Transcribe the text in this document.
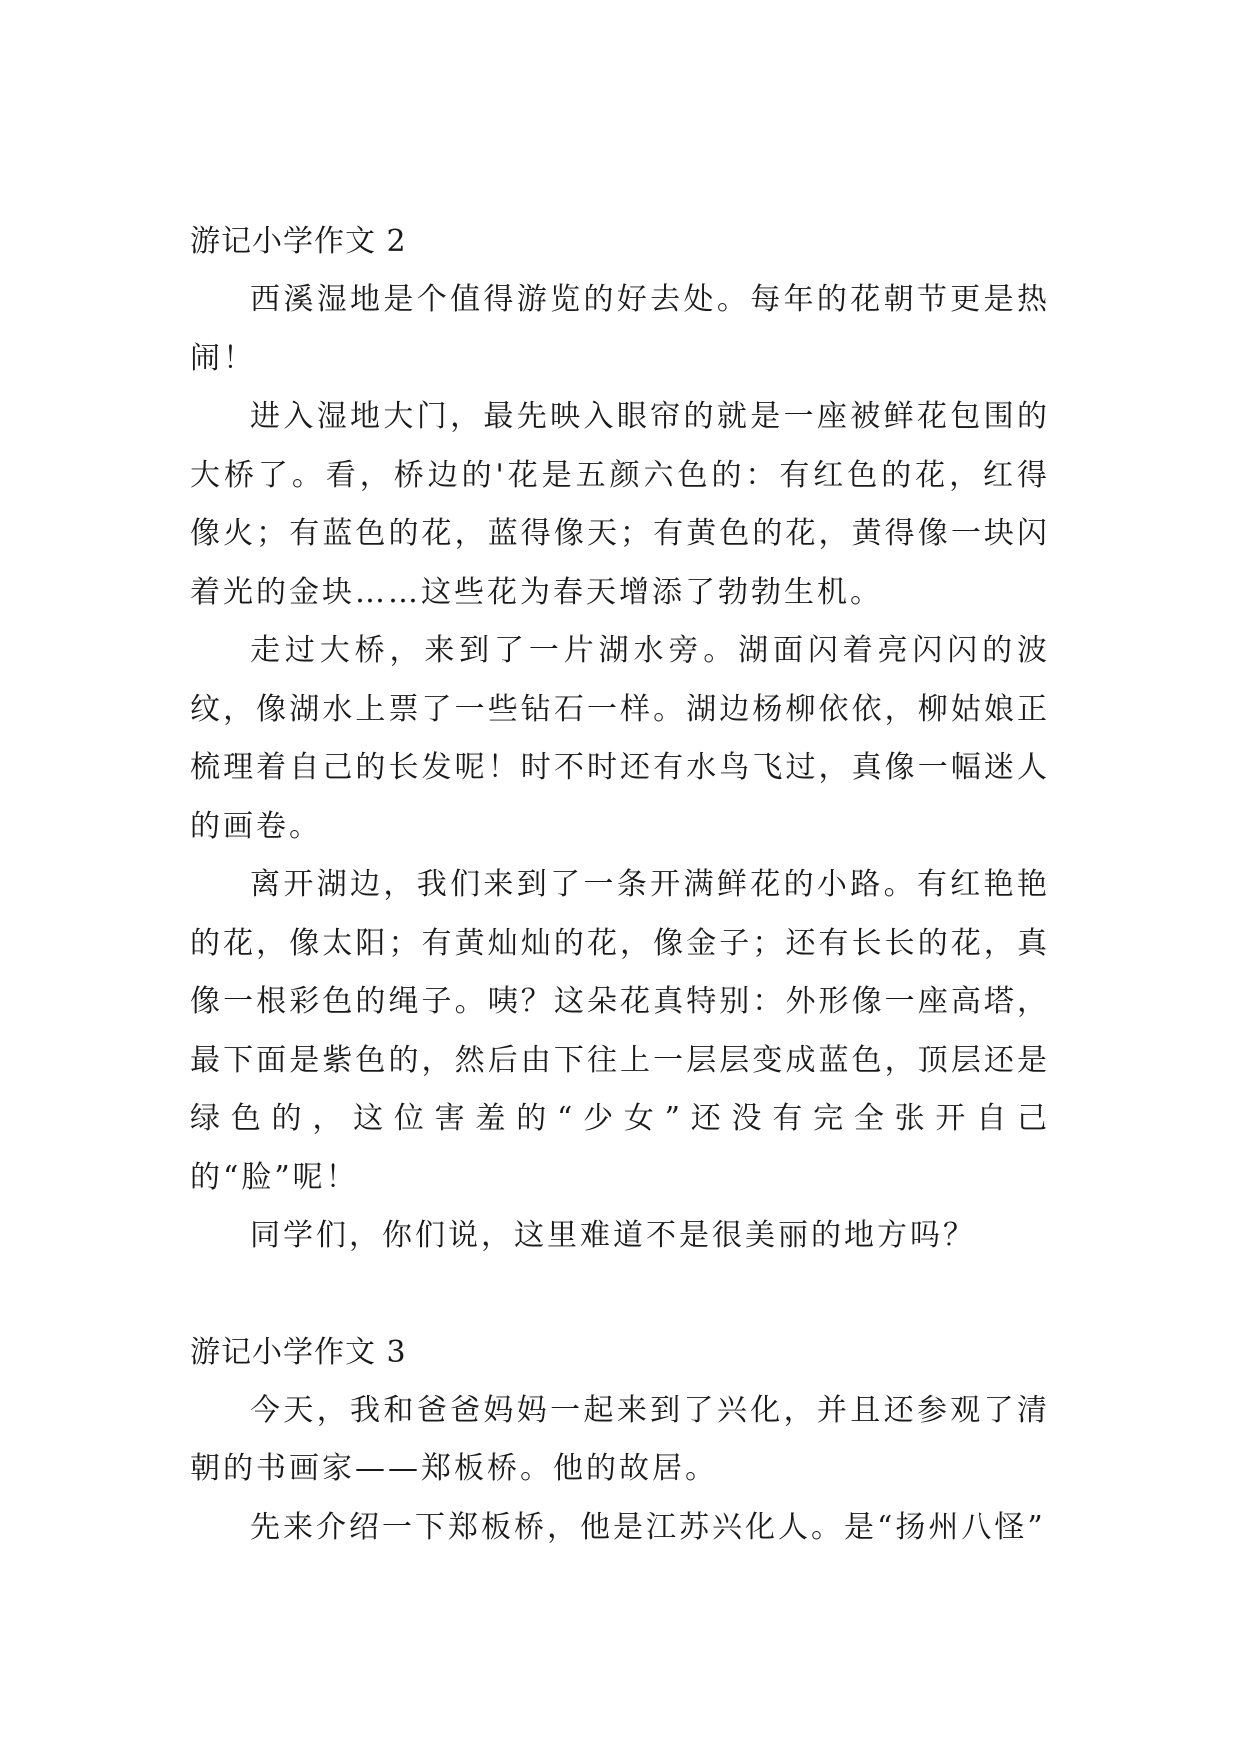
游记小学作文 2

西溪湿地是个值得游览的好去处。每年的花朝节更是热闹！

进入湿地大门，最先映入眼帘的就是一座被鲜花包围的大桥了。看，桥边的'花是五颜六色的：有红色的花，红得像火；有蓝色的花，蓝得像天；有黄色的花，黄得像一块闪着光的金块……这些花为春天增添了勃勃生机。

走过大桥，来到了一片湖水旁。湖面闪着亮闪闪的波纹，像湖水上票了一些钻石一样。湖边杨柳依依，柳姑娘正梳理着自己的长发呢！时不时还有水鸟飞过，真像一幅迷人的画卷。

离开湖边，我们来到了一条开满鲜花的小路。有红艳艳的花，像太阳；有黄灿灿的花，像金子；还有长长的花，真像一根彩色的绳子。咦？这朵花真特别：外形像一座高塔，最下面是紫色的，然后由下往上一层层变成蓝色，顶层还是绿色的，这位害羞的“少女”还没有完全张开自己的“脸”呢！

同学们，你们说，这里难道不是很美丽的地方吗？

游记小学作文 3

今天，我和爸爸妈妈一起来到了兴化，并且还参观了清朝的书画家——郑板桥。他的故居。

先来介绍一下郑板桥，他是江苏兴化人。是“扬州八怪”
